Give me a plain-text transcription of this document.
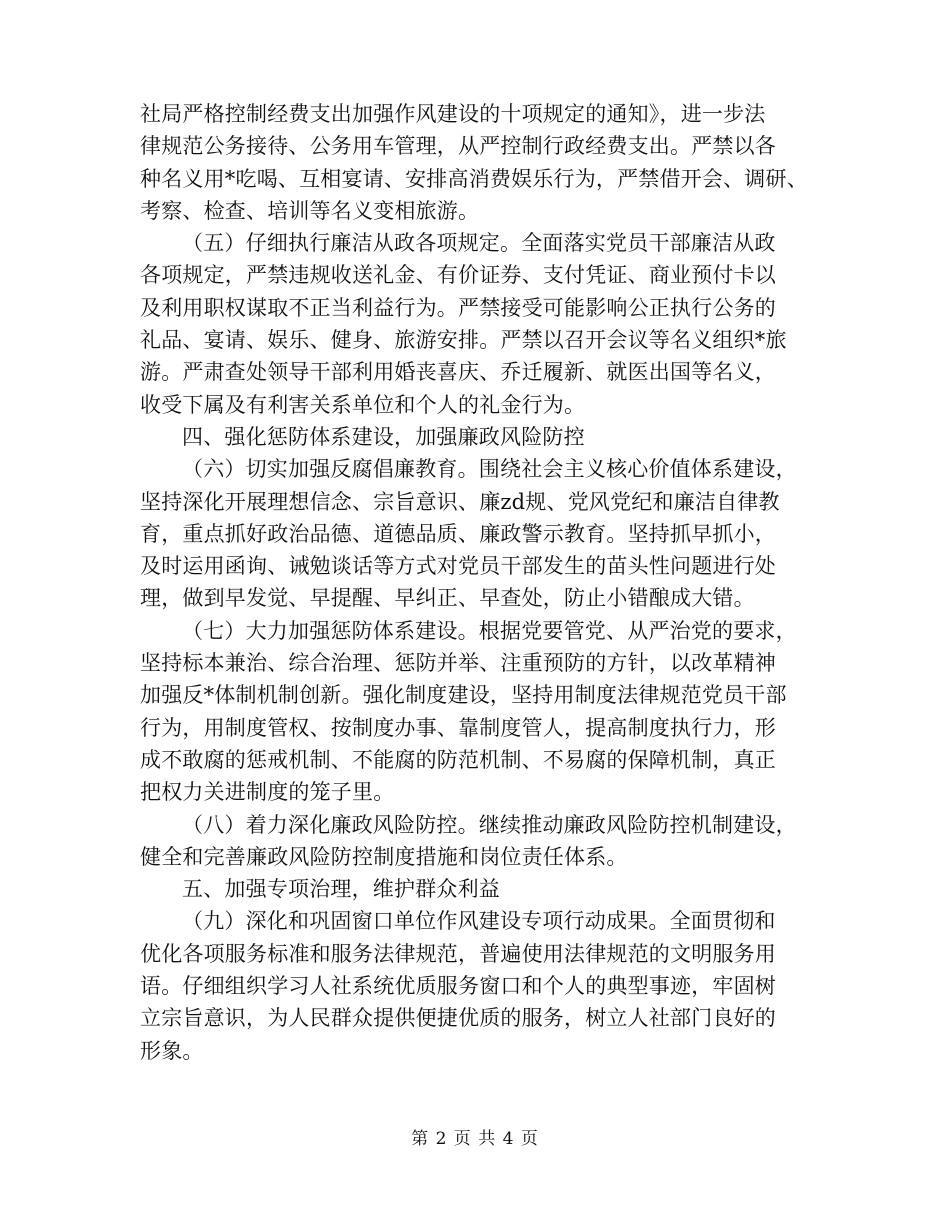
社局严格控制经费支出加强作风建设的十项规定的通知》，进一步法
律规范公务接待、公务用车管理，从严控制行政经费支出。严禁以各
种名义用*吃喝、互相宴请、安排高消费娱乐行为，严禁借开会、调研、
考察、检查、培训等名义变相旅游。
（五）仔细执行廉洁从政各项规定。全面落实党员干部廉洁从政
各项规定，严禁违规收送礼金、有价证券、支付凭证、商业预付卡以
及利用职权谋取不正当利益行为。严禁接受可能影响公正执行公务的
礼品、宴请、娱乐、健身、旅游安排。严禁以召开会议等名义组织*旅
游。严肃查处领导干部利用婚丧喜庆、乔迁履新、就医出国等名义，
收受下属及有利害关系单位和个人的礼金行为。
四、强化惩防体系建设，加强廉政风险防控
（六）切实加强反腐倡廉教育。围绕社会主义核心价值体系建设，
坚持深化开展理想信念、宗旨意识、廉zd规、党风党纪和廉洁自律教
育，重点抓好政治品德、道德品质、廉政警示教育。坚持抓早抓小，
及时运用函询、诫勉谈话等方式对党员干部发生的苗头性问题进行处
理，做到早发觉、早提醒、早纠正、早查处，防止小错酿成大错。
（七）大力加强惩防体系建设。根据党要管党、从严治党的要求，
坚持标本兼治、综合治理、惩防并举、注重预防的方针，以改革精神
加强反*体制机制创新。强化制度建设，坚持用制度法律规范党员干部
行为，用制度管权、按制度办事、靠制度管人，提高制度执行力，形
成不敢腐的惩戒机制、不能腐的防范机制、不易腐的保障机制，真正
把权力关进制度的笼子里。
（八）着力深化廉政风险防控。继续推动廉政风险防控机制建设，
健全和完善廉政风险防控制度措施和岗位责任体系。
五、加强专项治理，维护群众利益
（九）深化和巩固窗口单位作风建设专项行动成果。全面贯彻和
优化各项服务标准和服务法律规范，普遍使用法律规范的文明服务用
语。仔细组织学习人社系统优质服务窗口和个人的典型事迹，牢固树
立宗旨意识，为人民群众提供便捷优质的服务，树立人社部门良好的
形象。
第 2 页 共 4 页
